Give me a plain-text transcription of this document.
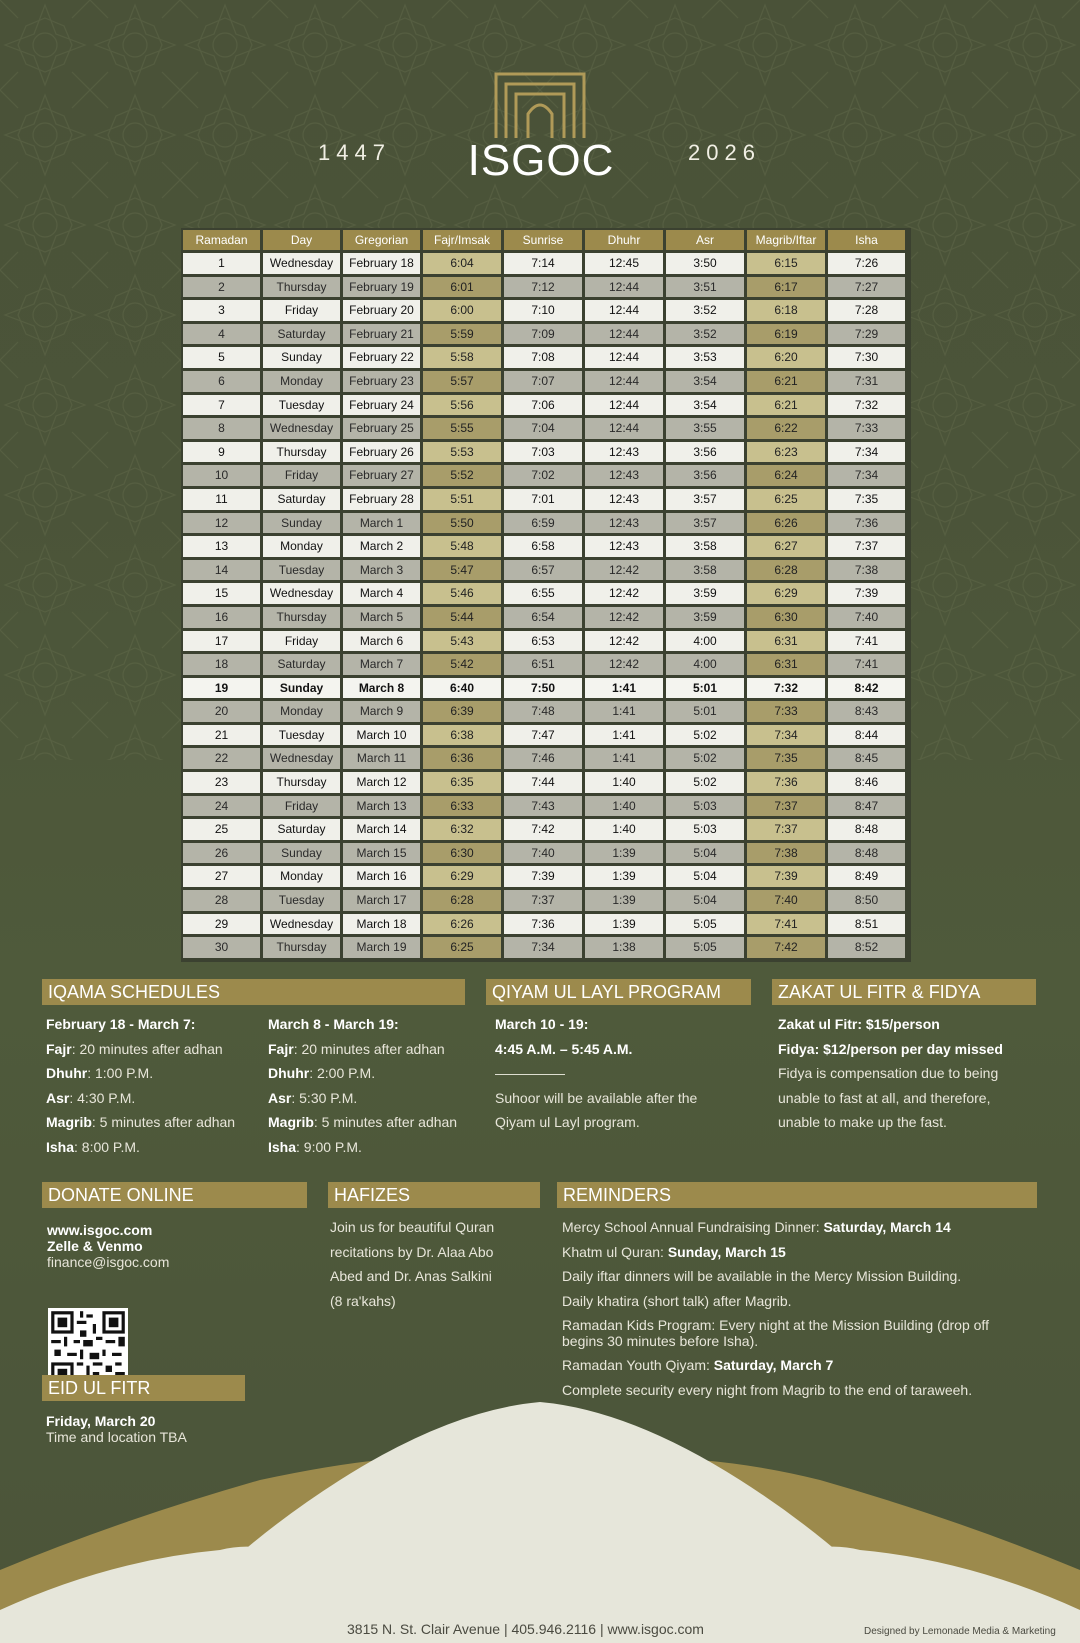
1447 ISGOC	2026
Ramadan	Day	Gregorian	Fajr/Imsak	Sunrise	Dhuhr	Asr	Magrib/Iftar	Isha
1	Wednesday	February 18	6:04	7:14	12:45	3:50	6:15	7:26
2	Thursday	February 19	6:01	7:12	12:44	3:51	6:17	7:27
3	Friday	February 20	6:00	7:10	12:44	3:52	6:18	7:28
4	Saturday	February 21	5:59	7:09	12:44	3:52	6:19	7:29
5	Sunday	February 22	5:58	7:08	12:44	3:53	6:20	7:30
6	Monday	February 23	5:57	7:07	12:44	3:54	6:21	7:31
7	Tuesday	February 24	5:56	7:06	12:44	3:54	6:21	7:32
8	Wednesday	February 25	5:55	7:04	12:44	3:55	6:22	7:33
9	Thursday	February 26	5:53	7:03	12:43	3:56	6:23	7:34
10	Friday	February 27	5:52	7:02	12:43	3:56	6:24	7:34
11	Saturday	February 28	5:51	7:01	12:43	3:57	6:25	7:35
12	Sunday	March 1	5:50	6:59	12:43	3:57	6:26	7:36
13	Monday	March 2	5:48	6:58	12:43	3:58	6:27	7:37
14	Tuesday	March 3	5:47	6:57	12:42	3:58	6:28	7:38
15	Wednesday	March 4	5:46	6:55	12:42	3:59	6:29	7:39
16	Thursday	March 5	5:44	6:54	12:42	3:59	6:30	7:40
17	Friday	March 6	5:43	6:53	12:42	4:00	6:31	7:41
18	Saturday	March 7	5:42	6:51	12:42	4:00	6:31	7:41
19	Sunday	March 8	6:40	7:50	1:41	5:01	7:32	8:42
20	Monday	March 9	6:39	7:48	1:41	5:01	7:33	8:43
21	Tuesday	March 10	6:38	7:47	1:41	5:02	7:34	8:44
22	Wednesday	March 11	6:36	7:46	1:41	5:02	7:35	8:45
23	Thursday	March 12	6:35	7:44	1:40	5:02	7:36	8:46
24	Friday	March 13	6:33	7:43	1:40	5:03	7:37	8:47
25	Saturday	March 14	6:32	7:42	1:40	5:03	7:37	8:48
26	Sunday	March 15	6:30	7:40	1:39	5:04	7:38	8:48
27	Monday	March 16	6:29	7:39	1:39	5:04	7:39	8:49
28	Tuesday	March 17	6:28	7:37	1:39	5:04	7:40	8:50
29	Wednesday	March 18	6:26	7:36	1:39	5:05	7:41	8:51
30	Thursday	March 19	6:25	7:34	1:38	5:05	7:42	8:52
IQAMA SCHEDULES
February 18 - March 7:
Fajr: 20 minutes after adhan
Dhuhr: 1:00 P.M.
Asr: 4:30 P.M.
Magrib: 5 minutes after adhan
Isha: 8:00 P.M.
March 8 - March 19:
Fajr: 20 minutes after adhan
Dhuhr: 2:00 P.M.
Asr: 5:30 P.M.
Magrib: 5 minutes after adhan
Isha: 9:00 P.M.
QIYAM UL LAYL PROGRAM
March 10 - 19:
4:45 A.M. – 5:45 A.M.
—————
Suhoor will be available after the
Qiyam ul Layl program.
ZAKAT UL FITR & FIDYA
Zakat ul Fitr: $15/person
Fidya: $12/person per day missed
Fidya is compensation due to being
unable to fast at all, and therefore,
unable to make up the fast.
DONATE ONLINE
www.isgoc.com
Zelle & Venmo
finance@isgoc.com
HAFIZES
Join us for beautiful Quran
recitations by Dr. Alaa Abo
Abed and Dr. Anas Salkini
(8 ra'kahs)
REMINDERS
Mercy School Annual Fundraising Dinner: Saturday, March 14
Khatm ul Quran: Sunday, March 15
Daily iftar dinners will be available in the Mercy Mission Building.
Daily khatira (short talk) after Magrib.
Ramadan Kids Program: Every night at the Mission Building (drop off
begins 30 minutes before Isha).
Ramadan Youth Qiyam: Saturday, March 7
Complete security every night from Magrib to the end of taraweeh.
EID UL FITR
Friday, March 20
Time and location TBA
3815 N. St. Clair Avenue | 405.946.2116 | www.isgoc.com	Designed by Lemonade Media & Marketing
